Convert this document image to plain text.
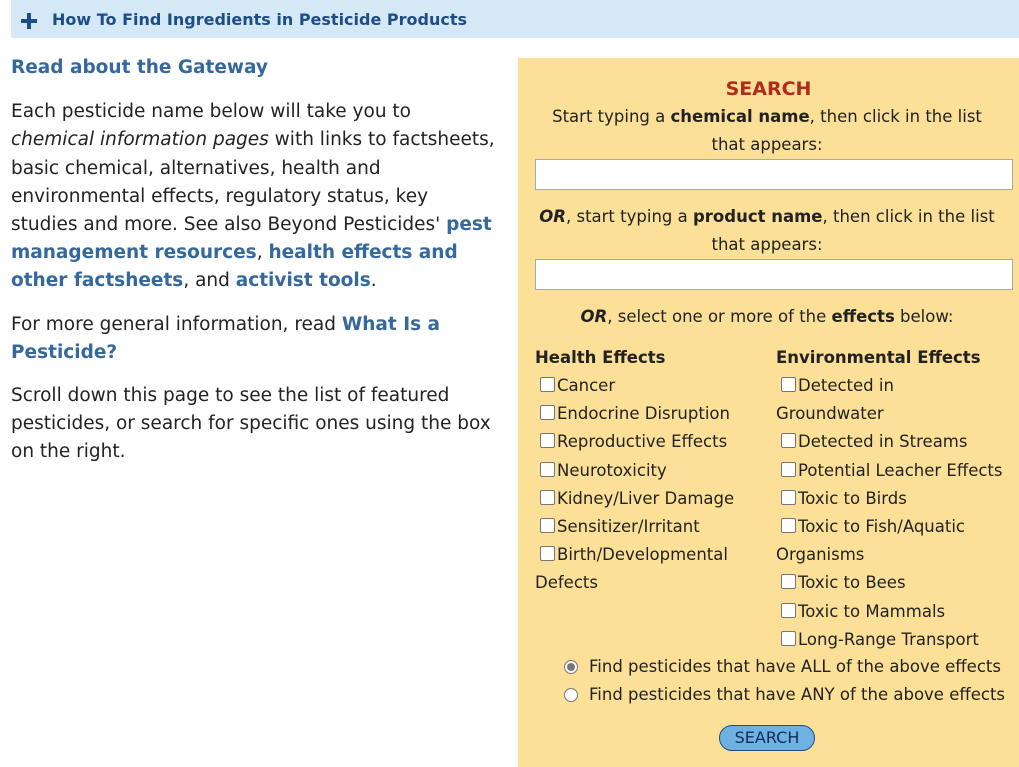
How To Find Ingredients in Pesticide Products
Read about the Gateway

Each pesticide name below will take you to chemical information pages with links to factsheets, basic chemical, alternatives, health and environmental effects, regulatory status, key studies and more. See also Beyond Pesticides' pest management resources, health effects and other factsheets, and activist tools.

For more general information, read What Is a Pesticide?

Scroll down this page to see the list of featured pesticides, or search for specific ones using the box on the right.

SEARCH
Start typing a chemical name, then click in the list that appears:
OR, start typing a product name, then click in the list that appears:
OR, select one or more of the effects below:
Health Effects	Environmental Effects
Cancer
Endocrine Disruption
Reproductive Effects
Neurotoxicity
Kidney/Liver Damage
Sensitizer/Irritant
Birth/Developmental
Defects
Detected in
Groundwater
Detected in Streams
Potential Leacher Effects
Toxic to Birds
Toxic to Fish/Aquatic
Organisms
Toxic to Bees
Toxic to Mammals
Long-Range Transport
Find pesticides that have ALL of the above effects
Find pesticides that have ANY of the above effects
SEARCH
